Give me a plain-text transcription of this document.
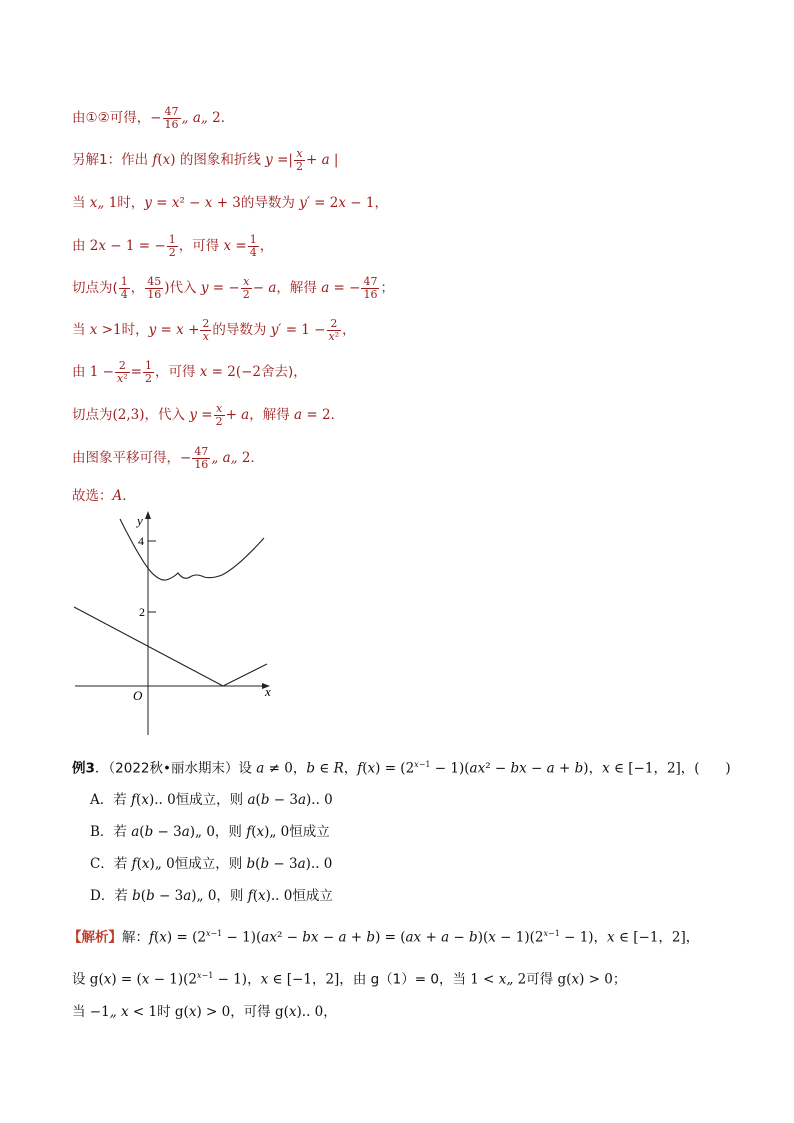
由①②可得，− $\frac{47}{16}$ „ a„ 2．
另解1：作出 f(x) 的图象和折线 y =| $\frac{x}{2} + a$ |
当 x„ 1时，y = x² − x + 3的导数为 y′ = 2x − 1，
由 2x − 1 = − $\frac{1}{2}$ ，可得 $x = \frac{1}{4}$ ，
切点为( $\frac{1}{4}$ ， $\frac{45}{16}$ )代入 y = − $\frac{x}{2} - a$，解得 a = − $\frac{47}{16}$ ；
当 x >1时，$y = x + \frac{2}{x}$ 的导数为 $y' = 1 - \frac{2}{\text{x²}}$ ，
由 $1 - \frac{2}{\text{x²}} = \frac{1}{2}$ ，可得 x = 2(−2舍去)，
切点为(2,3)，代入 $y = \frac{x}{2} + a$，解得 a = 2．
由图象平移可得，− $\frac{47}{16}$ „ a„ 2．
故选：A．
y
x
O
4
2
例3．（2022秋•丽水期末）设 a ≠ 0，b ∈ R，$f(x) = (2^{x-1} - 1)(ax^2$ − bx − a + b)，x ∈ [−1，2]，(      )
A．若 f(x).. 0恒成立，则 a(b − 3a).. 0
B．若 a(b − 3a)„ 0，则 f(x)„ 0恒成立
C．若 f(x)„ 0恒成立，则 b(b − 3a).. 0
D．若 b(b − 3a)„ 0，则 f(x).. 0恒成立
【解析】解：$f(x) = (2^{x-1} - 1)(ax^2$ − bx − $a + b) = (ax + a - b)(x - 1)(2^{x-1} - 1)$，x ∈ [−1，2]，
设 $g(x) = (x - 1)(2^{x-1} - 1)$，x ∈ [−1，2]，由 g（1）= 0，当 1 < x„ 2可得 g(x) > 0；
当 −1„ x < 1时 g(x) > 0，可得 g(x).. 0，
